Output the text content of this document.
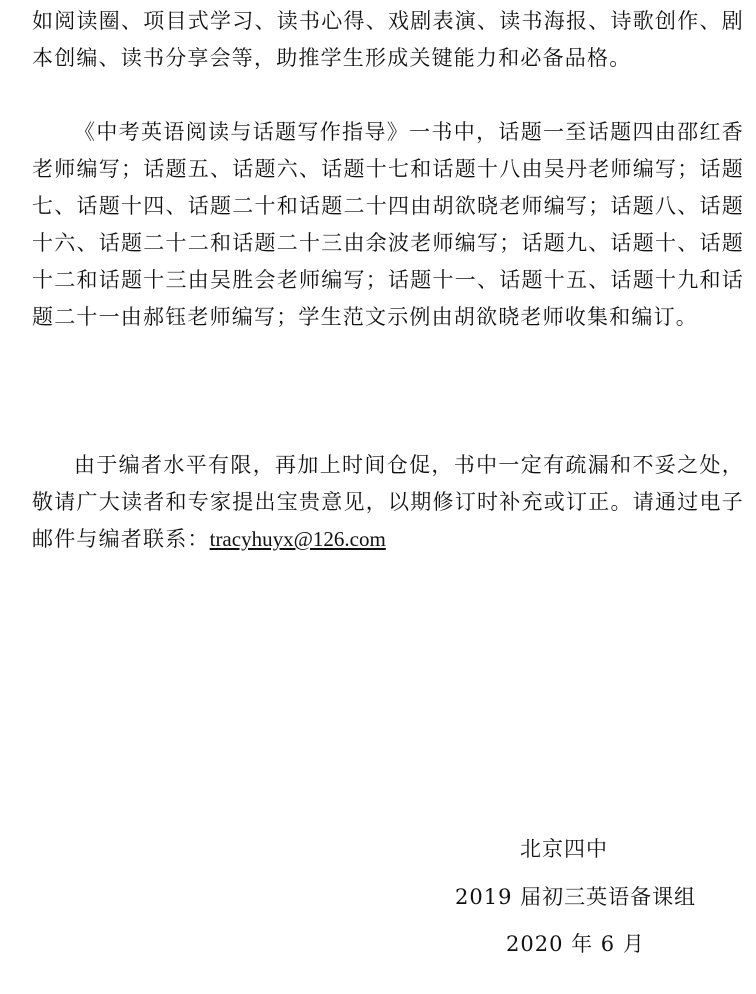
如阅读圈、项目式学习、读书心得、戏剧表演、读书海报、诗歌创作、剧本创编、读书分享会等，助推学生形成关键能力和必备品格。

《中考英语阅读与话题写作指导》一书中，话题一至话题四由邵红香老师编写；话题五、话题六、话题十七和话题十八由吴丹老师编写；话题七、话题十四、话题二十和话题二十四由胡欲晓老师编写；话题八、话题十六、话题二十二和话题二十三由余波老师编写；话题九、话题十、话题十二和话题十三由吴胜会老师编写；话题十一、话题十五、话题十九和话题二十一由郝钰老师编写；学生范文示例由胡欲晓老师收集和编订。

由于编者水平有限，再加上时间仓促，书中一定有疏漏和不妥之处，敬请广大读者和专家提出宝贵意见，以期修订时补充或订正。请通过电子邮件与编者联系：tracyhuyx@126.com

北京四中
2019 届初三英语备课组
2020 年 6 月
